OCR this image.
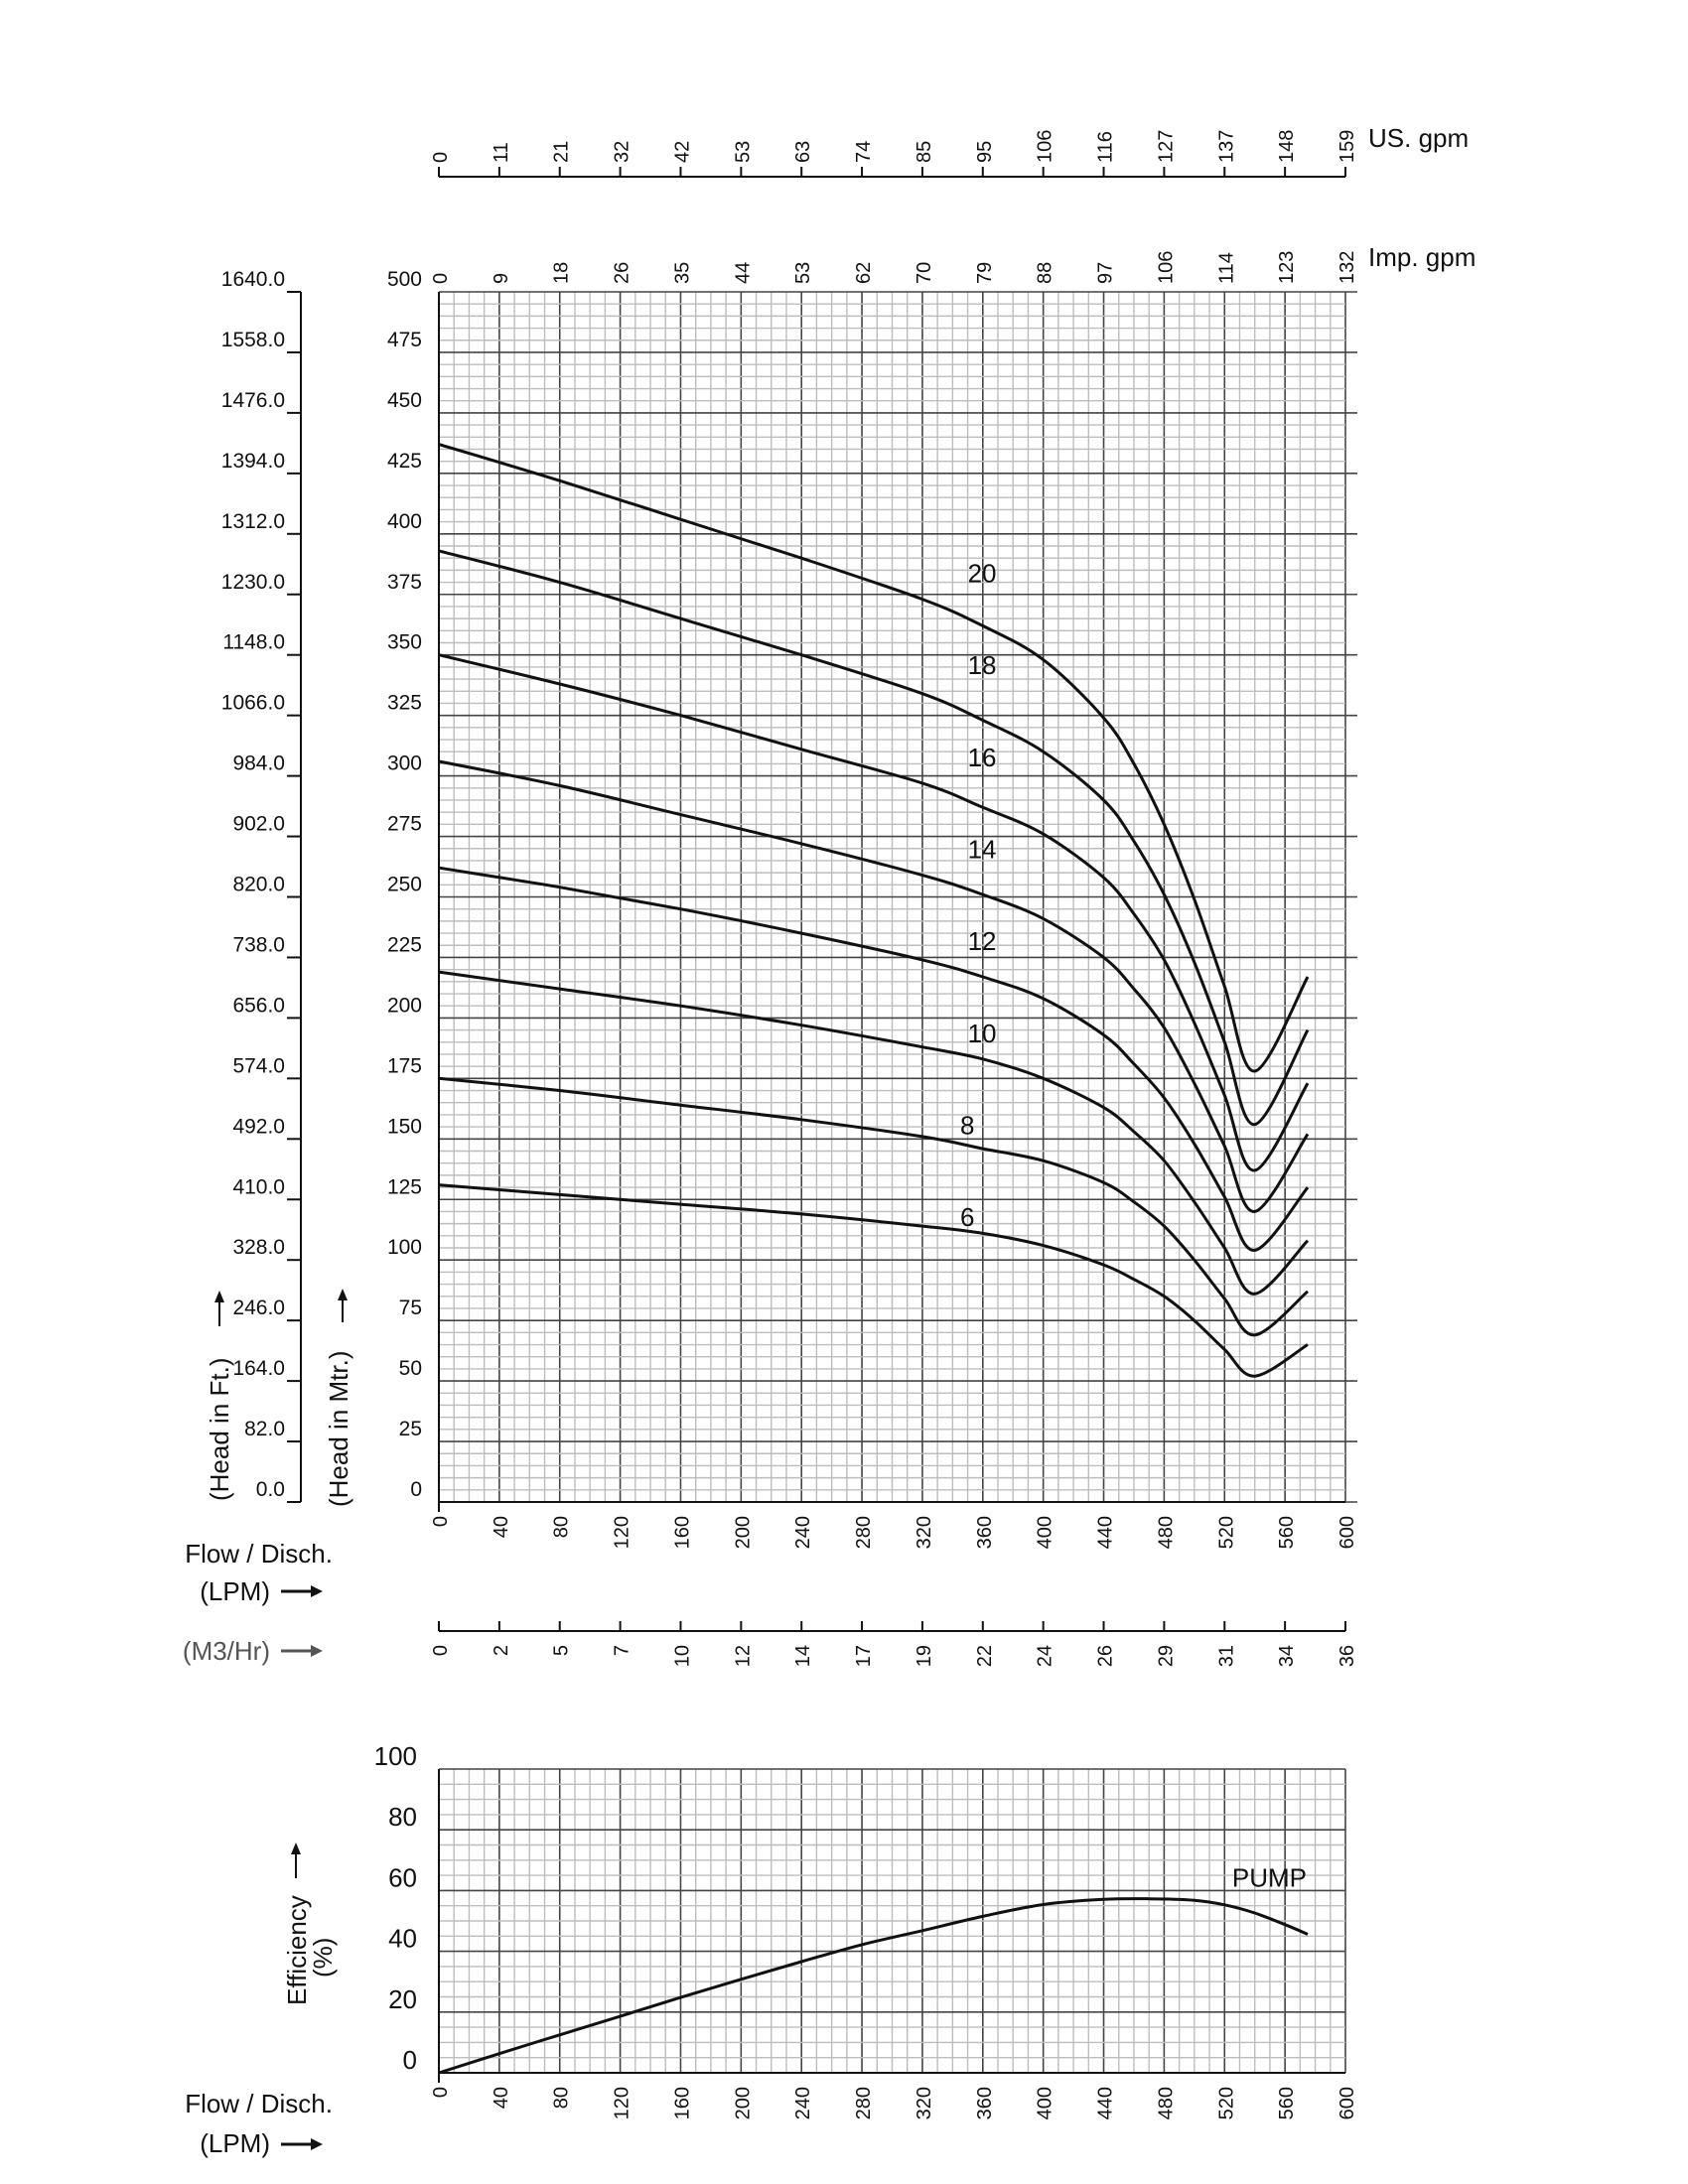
0 40 80 120 160 200 240 280 320 360 400 440 480 520 560 600
0 2 5 7 10 12 14 17 19 22 24 26 29 31 34 36
0 9 18 26 35 44 53 62 70 79 88 97 106 114 123 132 Imp. gpm
0 11 21 32 42 53 63 74 85 95 106 116 127 137 148 159 US. gpm
0
25
50
75
100
125
150
175
200
225
250
275
300
325
350
375
400
425
450
475
500
0.0
82.0
164.0
246.0
328.0
410.0
492.0
574.0
656.0
738.0
820.0
902.0
984.0
1066.0
1148.0
1230.0
1312.0
1394.0
1476.0
1558.0
1640.0
(Head in Ft.)	(Head in Mtr.)
Flow / Disch.
(LPM)
(M3/Hr)
0
20
40
60
80
100
0 40 80 120 160 200 240 280 320 360 400 440 480 520 560 600
Efficiency
(%)
Flow / Disch.
(LPM)
20
18
16
14
12
10
8
6
PUMP
